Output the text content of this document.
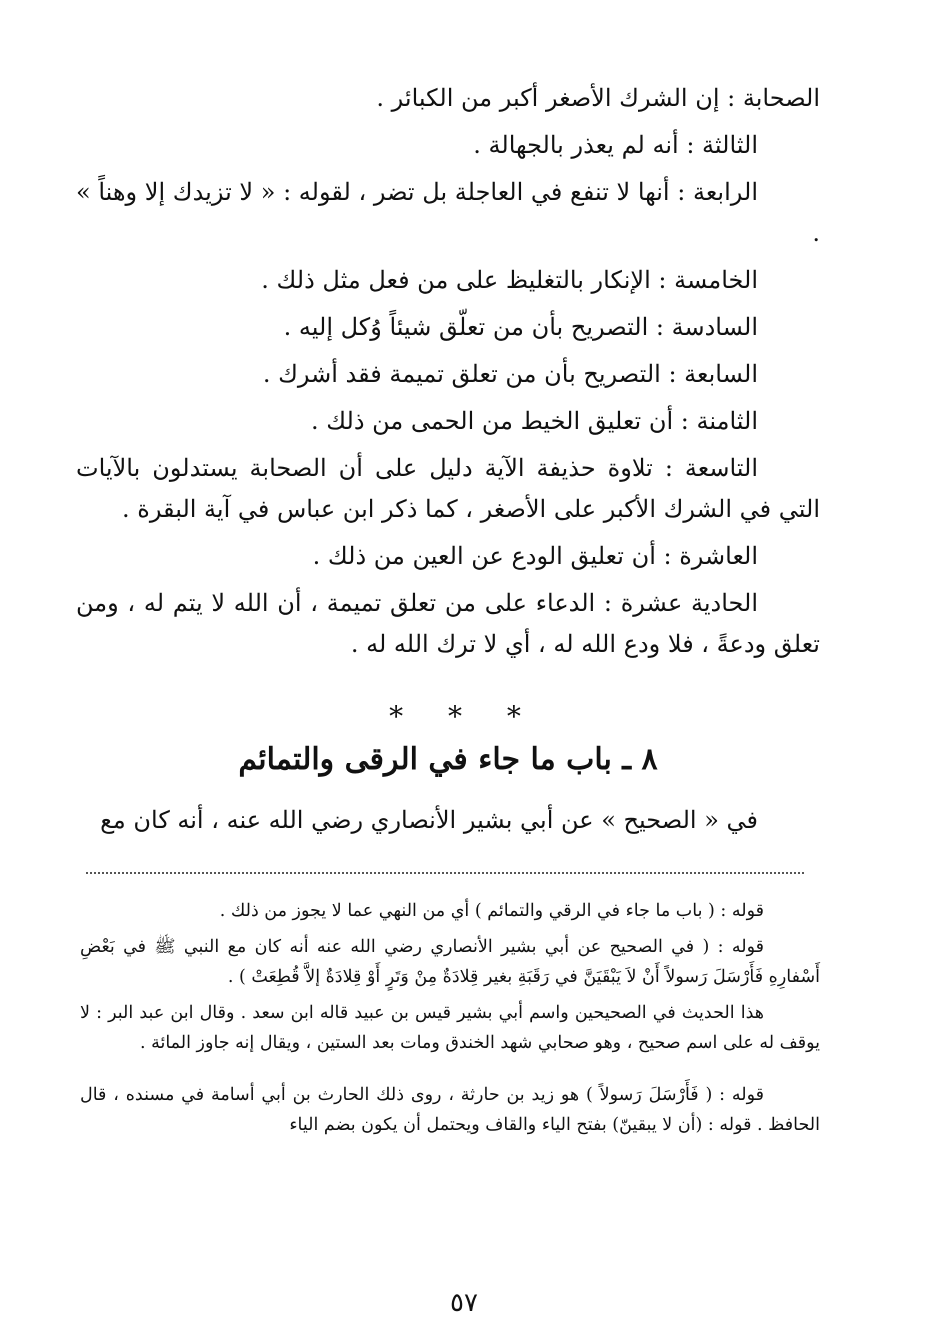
الصحابة : إن الشرك الأصغر أكبر من الكبائر .

الثالثة : أنه لم يعذر بالجهالة .

الرابعة : أنها لا تنفع في العاجلة بل تضر ، لقوله : « لا تزيدك إلا وهناً » .

الخامسة : الإنكار بالتغليظ على من فعل مثل ذلك .

السادسة : التصريح بأن من تعلّق شيئاً وُكل إليه .

السابعة : التصريح بأن من تعلق تميمة فقد أشرك .

الثامنة : أن تعليق الخيط من الحمى من ذلك .

التاسعة : تلاوة حذيفة الآية دليل على أن الصحابة يستدلون بالآيات التي في الشرك الأكبر على الأصغر ، كما ذكر ابن عباس في آية البقرة .

العاشرة : أن تعليق الودع عن العين من ذلك .

الحادية عشرة : الدعاء على من تعلق تميمة ، أن الله لا يتم له ، ومن تعلق ودعةً ، فلا ودع الله له ، أي لا ترك الله له .

* * *
٨ ـ باب ما جاء في الرقى والتمائم
في « الصحيح » عن أبي بشير الأنصاري رضي الله عنه ، أنه كان مع

قوله : ( باب ما جاء في الرقي والتمائم ) أي من النهي عما لا يجوز من ذلك .

قوله : ( في الصحيح عن أبي بشير الأنصاري رضي الله عنه أنه كان مع النبي ﷺ في بَعْضِ أَسْفارِهِ فَأَرْسَلَ رَسولاً أَنْ لاَ يَبْقَيَنَّ في رَقَبَةِ بغير قِلادَةٌ مِنْ وَتَرٍ أَوْ قِلادَةٌ إلاَّ قُطِعَتْ ) .

هذا الحديث في الصحيحين واسم أبي بشير قيس بن عبيد قاله ابن سعد . وقال ابن عبد البر : لا يوقف له على اسم صحيح ، وهو صحابي شهد الخندق ومات بعد الستين ، ويقال إنه جاوز المائة .

قوله : ( فَأَرْسَلَ رَسولاً ) هو زيد بن حارثة ، روى ذلك الحارث بن أبي أسامة في مسنده ، قال الحافظ . قوله : (أن لا يبقينّ) بفتح الياء والقاف ويحتمل أن يكون بضم الياء

٥٧
